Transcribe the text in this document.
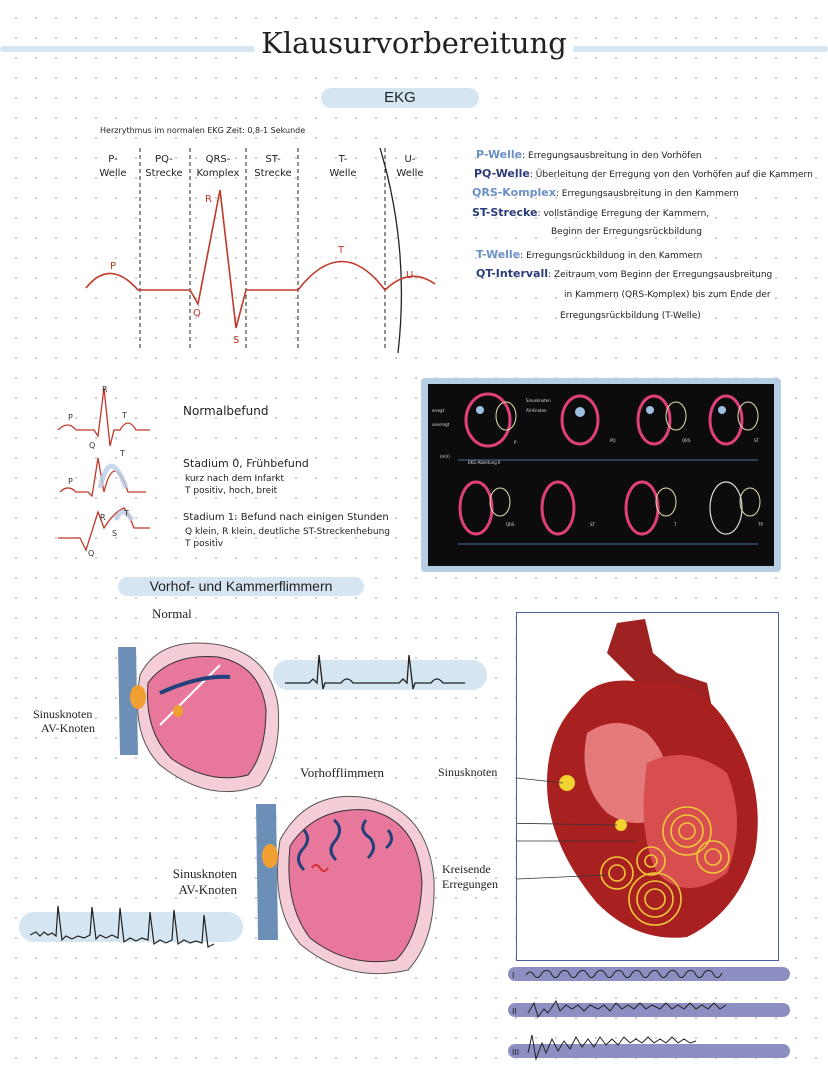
Klausurvorbereitung
EKG
Herzrythmus im normalen EKG Zeit: 0,8-1 Sekunde
P-
Welle
PQ-
Strecke
QRS-
Komplex
ST-
Strecke
T-
Welle
U-
Welle
P
Q
R
S
T
U
P-Welle: Erregungsausbreitung in den Vorhöfen
PQ-Welle: Überleitung der Erregung von den Vorhöfen auf die Kammern
QRS-Komplex: Erregungsausbreitung in den Kammern
ST-Strecke: vollständige Erregung der Kammern,
Beginn der Erregungsrückbildung
T-Welle: Erregungsrückbildung in den Kammern
QT-Intervall: Zeitraum vom Beginn der Erregungsausbreitung
in Kammern (QRS-Komplex) bis zum Ende der
Erregungsrückbildung (T-Welle)
P
R
Q
T
P
T
R
S
T
Q
Normalbefund
Stadium 0, Frühbefund
kurz nach dem Infarkt
T positiv, hoch, breit
Stadium 1: Befund nach einigen Stunden
Q klein, R klein, deutliche ST-Streckenhebung
T positiv
erregt
unerregt
Sinusknoten
AV-Knoten
(mV)
EKG-Ableitung II
P	PQ	QRS	ST
QRS	ST	T	TP
Vorhof- und Kammerflimmern
Normal
Sinusknoten
AV-Knoten
Vorhofflimmern
Sinusknoten
AV-Knoten
Sinusknoten
Kreisende
Erregungen
I
II
III
